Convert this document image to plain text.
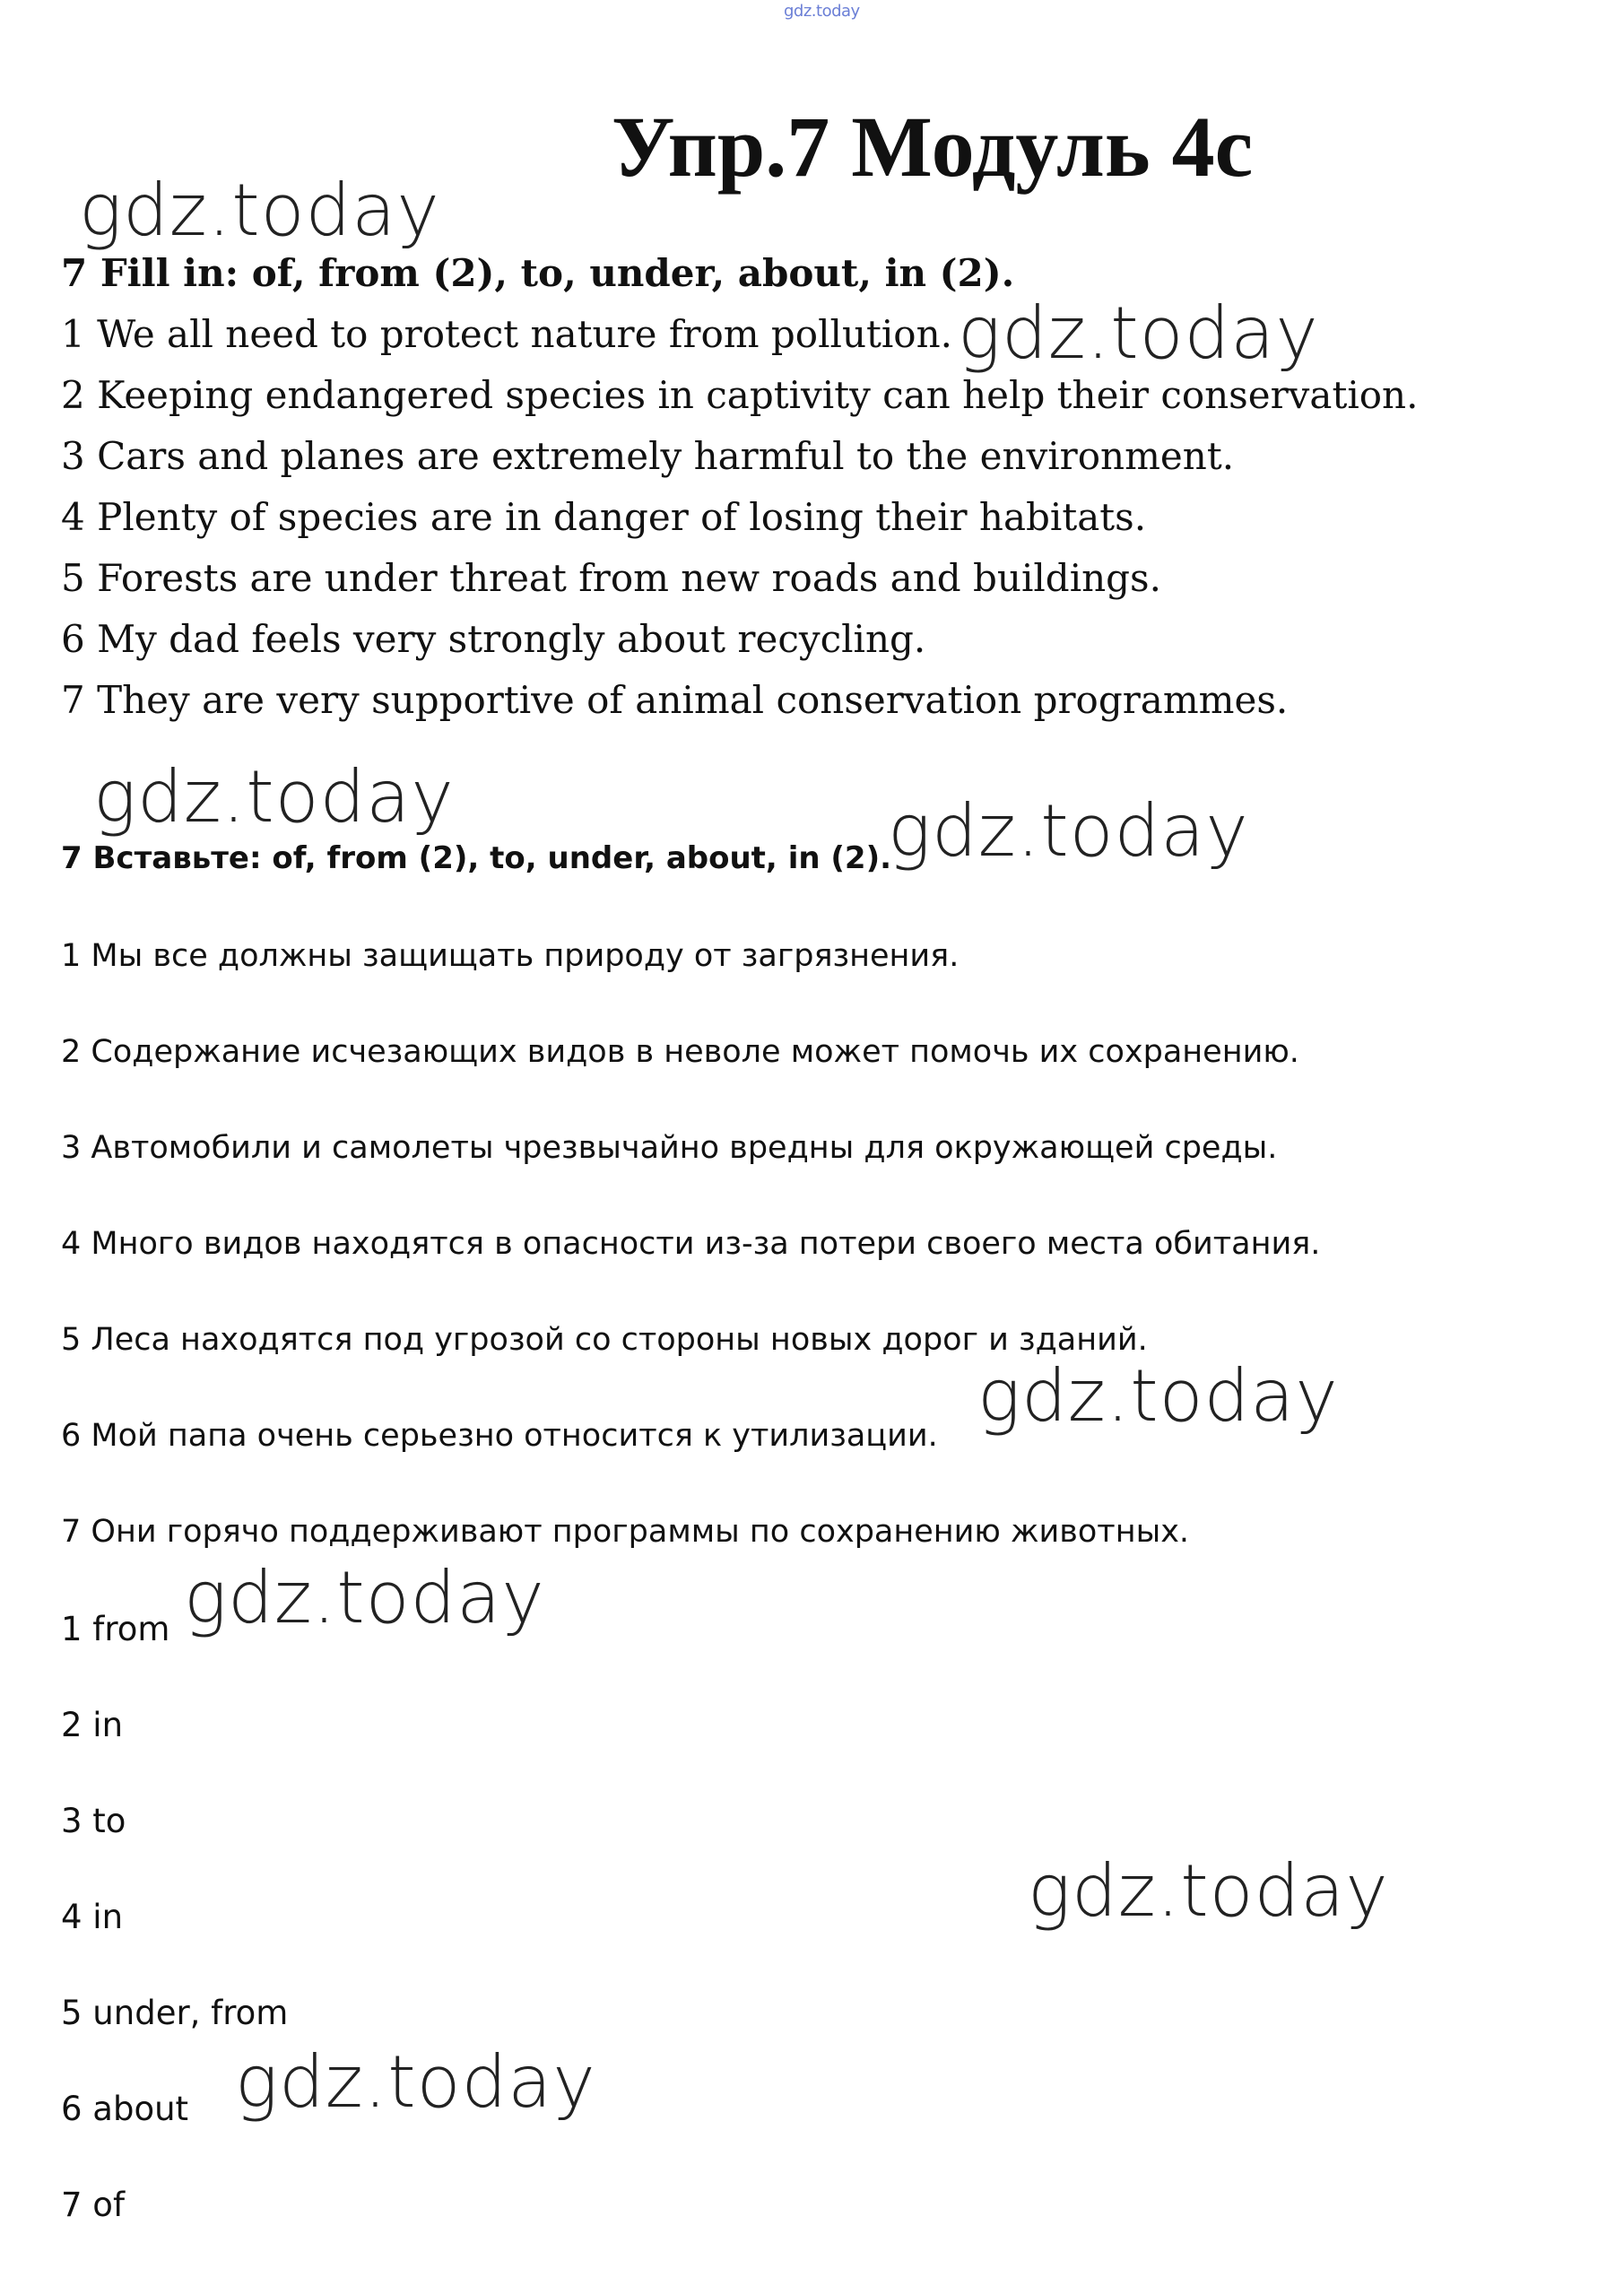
gdz.today
Упр.7 Модуль 4с
7 Fill in: of, from (2), to, under, about, in (2).
1 We all need to protect nature from pollution.
2 Keeping endangered species in captivity can help their conservation.
3 Cars and planes are extremely harmful to the environment.
4 Plenty of species are in danger of losing their habitats.
5 Forests are under threat from new roads and buildings.
6 My dad feels very strongly about recycling.
7 They are very supportive of animal conservation programmes.
7 Вставьте: of, from (2), to, under, about, in (2).
1 Мы все должны защищать природу от загрязнения.
2 Содержание исчезающих видов в неволе может помочь их сохранению.
3 Автомобили и самолеты чрезвычайно вредны для окружающей среды.
4 Много видов находятся в опасности из-за потери своего места обитания.
5 Леса находятся под угрозой со стороны новых дорог и зданий.
6 Мой папа очень серьезно относится к утилизации.
7 Они горячо поддерживают программы по сохранению животных.
1 from
2 in
3 to
4 in
5 under, from
6 about
7 of
gdz.today
gdz.today
gdz.today	gdz.today
gdz.today
gdz.today
gdz.today
gdz.today
